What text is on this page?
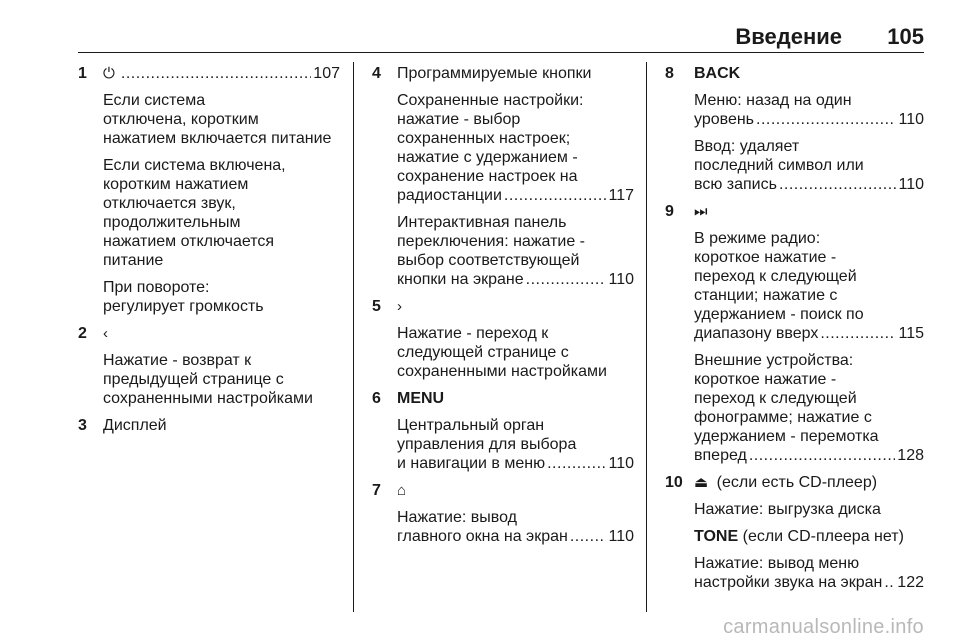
Введение 105
1	⏻ .....	107
Если система
отключена, коротким
нажатием включается питание
Если система включена,
коротким нажатием
отключается звук,
продолжительным
нажатием отключается
питание
При повороте:
регулирует громкость
2	‹
Нажатие - возврат к
предыдущей странице с
сохраненными настройками
3	Дисплей
4	Программируемые кнопки
Сохраненные настройки:
нажатие - выбор
сохраненных настроек;
нажатие с удержанием -
сохранение настроек на
радиостанции .....	117
Интерактивная панель
переключения: нажатие -
выбор соответствующей
кнопки на экране .....	110
5	›
Нажатие - переход к
следующей странице с
сохраненными настройками
6	MENU
Центральный орган
управления для выбора
и навигации в меню .....	110
7	⌂
Нажатие: вывод
главного окна на экран .....	110
8	BACK
Меню: назад на один
уровень .....	110
Ввод: удаляет
последний символ или
всю запись .....	110
9	⏭
В режиме радио:
короткое нажатие -
переход к следующей
станции; нажатие с
удержанием - поиск по
диапазону вверх .....	115
Внешние устройства:
короткое нажатие -
переход к следующей
фонограмме; нажатие с
удержанием - перемотка
вперед .....	128
10 ⏏ (если есть CD-плеер)
Нажатие: выгрузка диска
TONE (если CD-плеера нет)
Нажатие: вывод меню
настройки звука на экран ..... 122
carmanualsonline.info
